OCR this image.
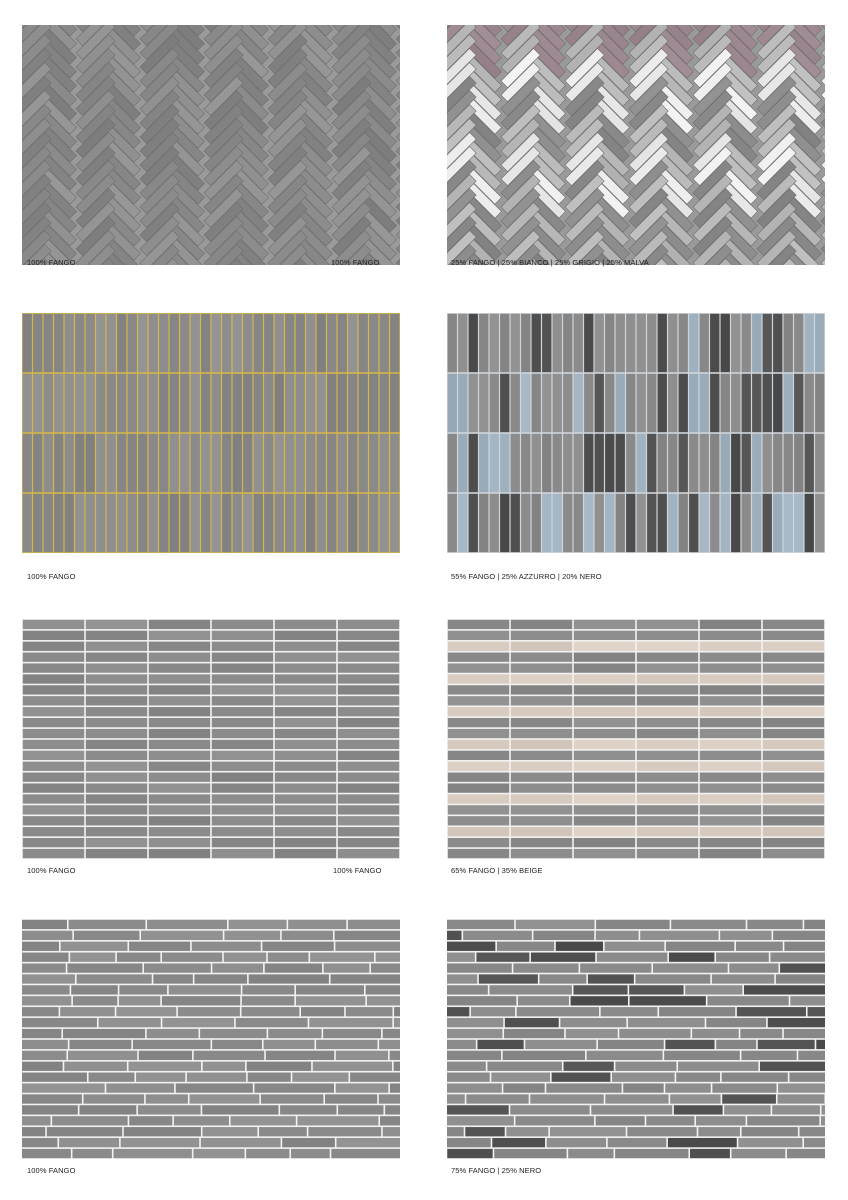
100% FANGO	100% FANGO	25% FANGO | 25% BIANCO | 25% GRIGIO | 25% MALVA
100% FANGO	55% FANGO | 25% AZZURRO | 20% NERO
100% FANGO	100% FANGO	65% FANGO | 35% BEIGE
100% FANGO	75% FANGO | 25% NERO
